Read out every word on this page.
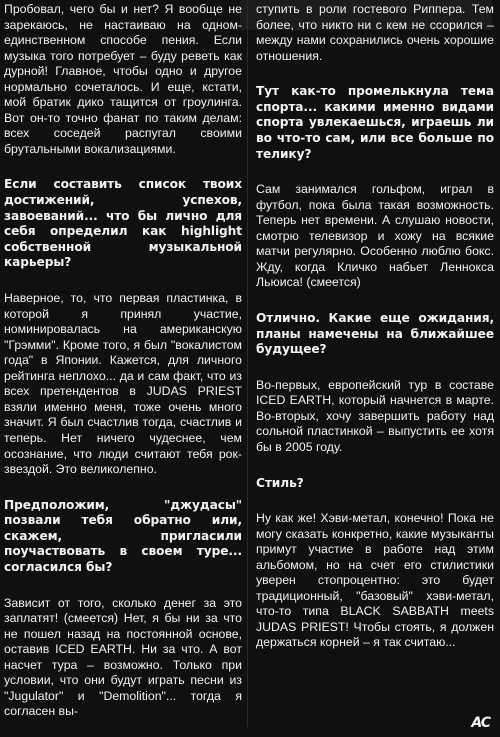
Пробовал, чего бы и нет? Я вообще не зарекаюсь, не настаиваю на одном-единственном способе пения. Если музыка того потребует – буду реветь как дурной! Главное, чтобы одно и другое нормально сочеталось. И еще, кстати, мой братик дико тащится от гроулинга. Вот он-то точно фанат по таким делам: всех соседей распугал своими брутальными вокализациями.

Если составить список твоих достижений, успехов, завоеваний... что бы лично для себя определил как highlight собственной музыкальной карьеры?

Наверное, то, что первая пластинка, в которой я принял участие, номинировалась на американскую "Грэмми". Кроме того, я был "вокалистом года" в Японии. Кажется, для личного рейтинга неплохо... да и сам факт, что из всех претендентов в JUDAS PRIEST взяли именно меня, тоже очень много значит. Я был счастлив тогда, счастлив и теперь. Нет ничего чудеснее, чем осознание, что люди считают тебя рок-звездой. Это великолепно.

Предположим, "джудасы" позвали тебя обратно или, скажем, пригласили поучаствовать в своем туре... согласился бы?

Зависит от того, сколько денег за это заплатят! (смеется) Нет, я бы ни за что не пошел назад на постоянной основе, оставив ICED EARTH. Ни за что. А вот насчет тура – возможно. Только при условии, что они будут играть песни из "Jugulator" и "Demolition"... тогда я согласен вы-

ступить в роли гостевого Риппера. Тем более, что никто ни с кем не ссорился – между нами сохранились очень хорошие отношения.

Тут как-то промелькнула тема спорта... какими именно видами спорта увлекаешься, играешь ли во что-то сам, или все больше по телику?

Сам занимался гольфом, играл в футбол, пока была такая возможность. Теперь нет времени. А слушаю новости, смотрю телевизор и хожу на всякие матчи регулярно. Особенно люблю бокс. Жду, когда Кличко набьет Леннокса Льюиса! (смеется)

Отлично. Какие еще ожидания, планы намечены на ближайшее будущее?

Во-первых, европейский тур в составе ICED EARTH, который начнется в марте. Во-вторых, хочу завершить работу над сольной пластинкой – выпустить ее хотя бы в 2005 году.

Стиль?

Ну как же! Хэви-метал, конечно! Пока не могу сказать конкретно, какие музыканты примут участие в работе над этим альбомом, но на счет его стилистики уверен стопроцентно: это будет традиционный, "базовый" хэви-метал, что-то типа BLACK SABBATH meets JUDAS PRIEST! Чтобы стоять, я должен держаться корней – я так считаю...

AC
